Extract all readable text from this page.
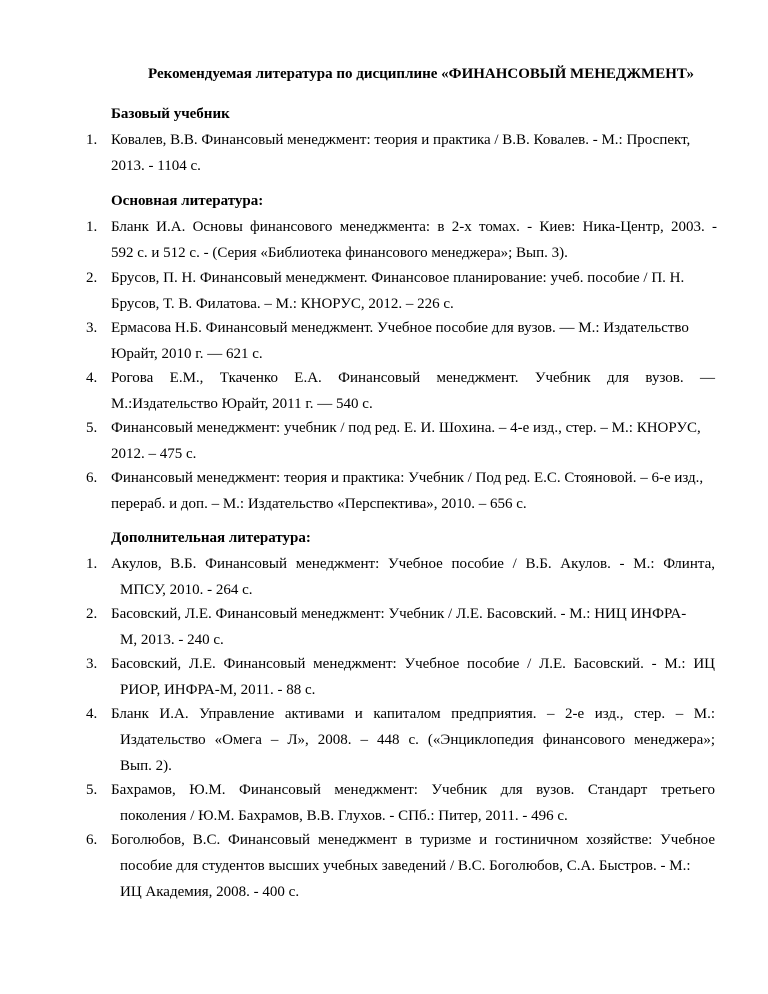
Рекомендуемая литература по дисциплине «ФИНАНСОВЫЙ МЕНЕДЖМЕНТ»
Базовый учебник
1. Ковалев, В.В. Финансовый менеджмент: теория и практика / В.В. Ковалев. - М.: Проспект,
2013. - 1104 с.
Основная литература:
1. Бланк И.А. Основы финансового менеджмента: в 2-х томах. - Киев: Ника-Центр, 2003. -
592 с. и 512 с. - (Серия «Библиотека финансового менеджера»; Вып. 3).
2. Брусов, П. Н. Финансовый менеджмент. Финансовое планирование: учеб. пособие / П. Н.
Брусов, Т. В. Филатова. – М.: КНОРУС, 2012. – 226 с.
3. Ермасова Н.Б. Финансовый менеджмент. Учебное пособие для вузов. — М.: Издательство
Юрайт, 2010 г. — 621 с.
4. Рогова Е.М., Ткаченко Е.А. Финансовый менеджмент. Учебник для вузов. —
М.:Издательство Юрайт, 2011 г. — 540 с.
5. Финансовый менеджмент: учебник / под ред. Е. И. Шохина. – 4-е изд., стер. – М.: КНОРУС,
2012. – 475 с.
6. Финансовый менеджмент: теория и практика: Учебник / Под ред. Е.С. Стояновой. – 6-е изд.,
перераб. и доп. – М.: Издательство «Перспектива», 2010. – 656 с.
Дополнительная литература:
1. Акулов, В.Б. Финансовый менеджмент: Учебное пособие / В.Б. Акулов. - М.: Флинта,
МПСУ, 2010. - 264 с.
2. Басовский, Л.Е. Финансовый менеджмент: Учебник / Л.Е. Басовский. - М.: НИЦ ИНФРА-
М, 2013. - 240 с.
3. Басовский, Л.Е. Финансовый менеджмент: Учебное пособие / Л.Е. Басовский. - М.: ИЦ
РИОР, ИНФРА-М, 2011. - 88 с.
4. Бланк И.А. Управление активами и капиталом предприятия. – 2-е изд., стер. – М.:
Издательство «Омега – Л», 2008. – 448 с. («Энциклопедия финансового менеджера»;
Вып. 2).
5. Бахрамов, Ю.М. Финансовый менеджмент: Учебник для вузов. Стандарт третьего
поколения / Ю.М. Бахрамов, В.В. Глухов. - СПб.: Питер, 2011. - 496 с.
6. Боголюбов, В.С. Финансовый менеджмент в туризме и гостиничном хозяйстве: Учебное
пособие для студентов высших учебных заведений / В.С. Боголюбов, С.А. Быстров. - М.:
ИЦ Академия, 2008. - 400 с.
